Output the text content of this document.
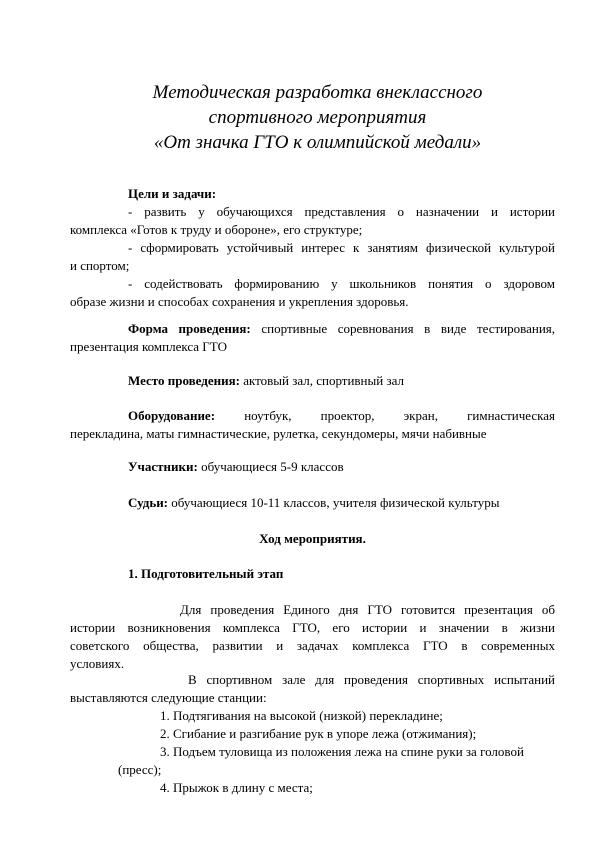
Методическая разработка внеклассного
спортивного мероприятия
«От значка ГТО к олимпийской медали»
Цели и задачи:
- развить у обучающихся представления о назначении и истории
комплекса «Готов к труду и обороне», его структуре;
- сформировать устойчивый интерес к занятиям физической культурой
и спортом;
- содействовать формированию у школьников понятия о здоровом
образе жизни и способах сохранения и укрепления здоровья.
Форма проведения: спортивные соревнования в виде тестирования,
презентация комплекса ГТО
Место проведения: актовый зал, спортивный зал
Оборудование: ноутбук, проектор, экран, гимнастическая
перекладина, маты гимнастические, рулетка, секундомеры, мячи набивные
Участники: обучающиеся 5-9 классов
Судьи: обучающиеся 10-11 классов, учителя физической культуры
Ход мероприятия.
1. Подготовительный этап
Для проведения Единого дня ГТО готовится презентация об
истории возникновения комплекса ГТО, его истории и значении в жизни
советского общества, развитии и задачах комплекса ГТО в современных
условиях.
В спортивном зале для проведения спортивных испытаний
выставляются следующие станции:
1. Подтягивания на высокой (низкой) перекладине;
2. Сгибание и разгибание рук в упоре лежа (отжимания);
3. Подъем туловища из положения лежа на спине руки за головой
(пресс);
4. Прыжок в длину с места;
